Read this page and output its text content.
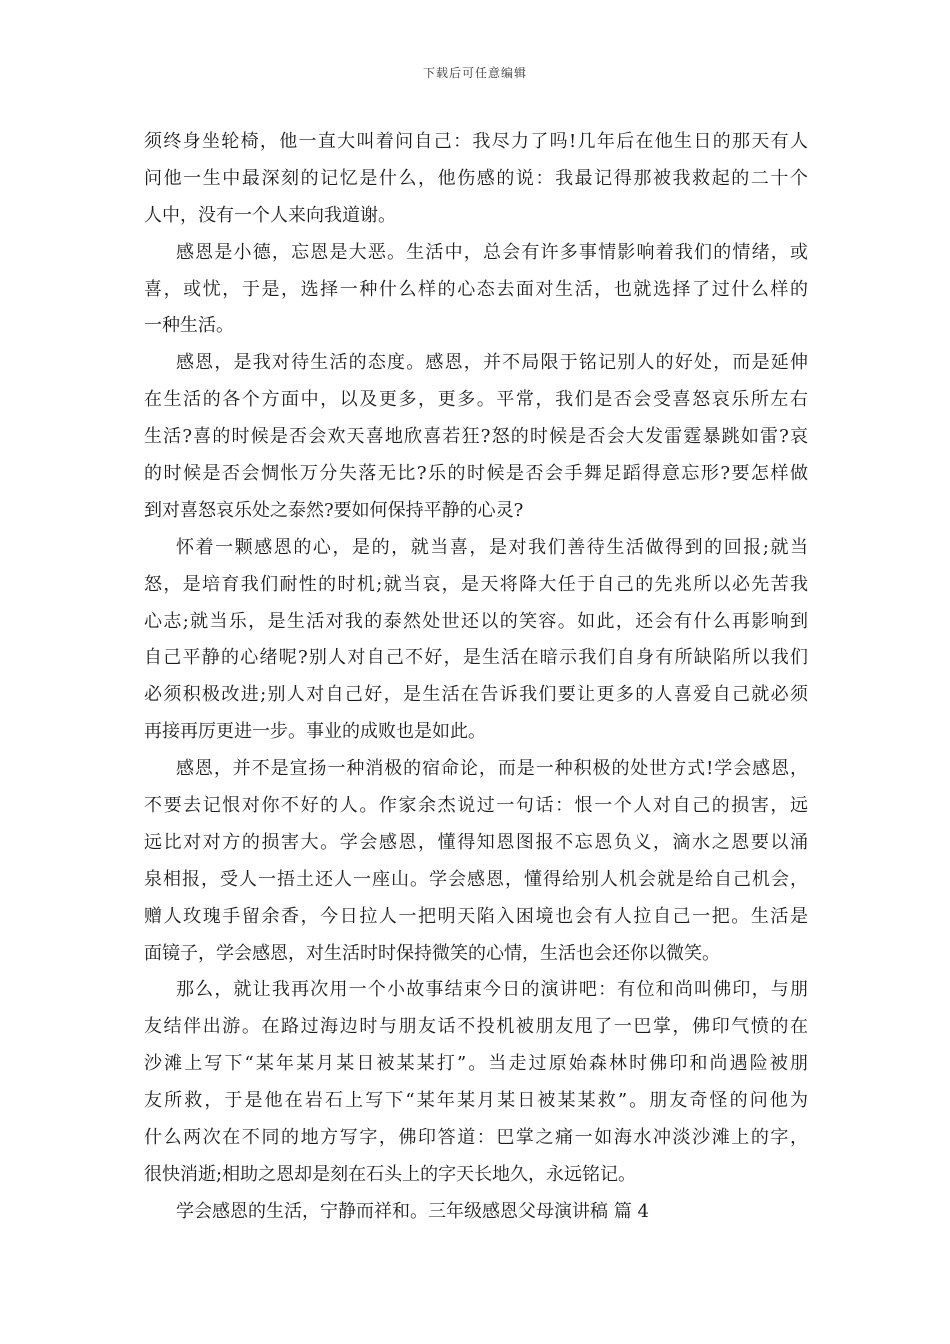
下载后可任意编辑
须终身坐轮椅，他一直大叫着问自己：我尽力了吗!几年后在他生日的那天有人
问他一生中最深刻的记忆是什么，他伤感的说：我最记得那被我救起的二十个
人中，没有一个人来向我道谢。
感恩是小德，忘恩是大恶。生活中，总会有许多事情影响着我们的情绪，或
喜，或忧，于是，选择一种什么样的心态去面对生活，也就选择了过什么样的
一种生活。
感恩，是我对待生活的态度。感恩，并不局限于铭记别人的好处，而是延伸
在生活的各个方面中，以及更多，更多。平常，我们是否会受喜怒哀乐所左右
生活?喜的时候是否会欢天喜地欣喜若狂?怒的时候是否会大发雷霆暴跳如雷?哀
的时候是否会惆怅万分失落无比?乐的时候是否会手舞足蹈得意忘形?要怎样做
到对喜怒哀乐处之泰然?要如何保持平静的心灵?
怀着一颗感恩的心，是的，就当喜，是对我们善待生活做得到的回报;就当
怒，是培育我们耐性的时机;就当哀，是天将降大任于自己的先兆所以必先苦我
心志;就当乐，是生活对我的泰然处世还以的笑容。如此，还会有什么再影响到
自己平静的心绪呢?别人对自己不好，是生活在暗示我们自身有所缺陷所以我们
必须积极改进;别人对自己好，是生活在告诉我们要让更多的人喜爱自己就必须
再接再厉更进一步。事业的成败也是如此。
感恩，并不是宣扬一种消极的宿命论，而是一种积极的处世方式!学会感恩，
不要去记恨对你不好的人。作家余杰说过一句话：恨一个人对自己的损害，远
远比对对方的损害大。学会感恩，懂得知恩图报不忘恩负义，滴水之恩要以涌
泉相报，受人一捂土还人一座山。学会感恩，懂得给别人机会就是给自己机会，
赠人玫瑰手留余香，今日拉人一把明天陷入困境也会有人拉自己一把。生活是
面镜子，学会感恩，对生活时时保持微笑的心情，生活也会还你以微笑。
那么，就让我再次用一个小故事结束今日的演讲吧：有位和尚叫佛印，与朋
友结伴出游。在路过海边时与朋友话不投机被朋友甩了一巴掌，佛印气愤的在
沙滩上写下“某年某月某日被某某打”。当走过原始森林时佛印和尚遇险被朋
友所救，于是他在岩石上写下“某年某月某日被某某救”。朋友奇怪的问他为
什么两次在不同的地方写字，佛印答道：巴掌之痛一如海水冲淡沙滩上的字，
很快消逝;相助之恩却是刻在石头上的字天长地久，永远铭记。
学会感恩的生活，宁静而祥和。三年级感恩父母演讲稿 篇 4
